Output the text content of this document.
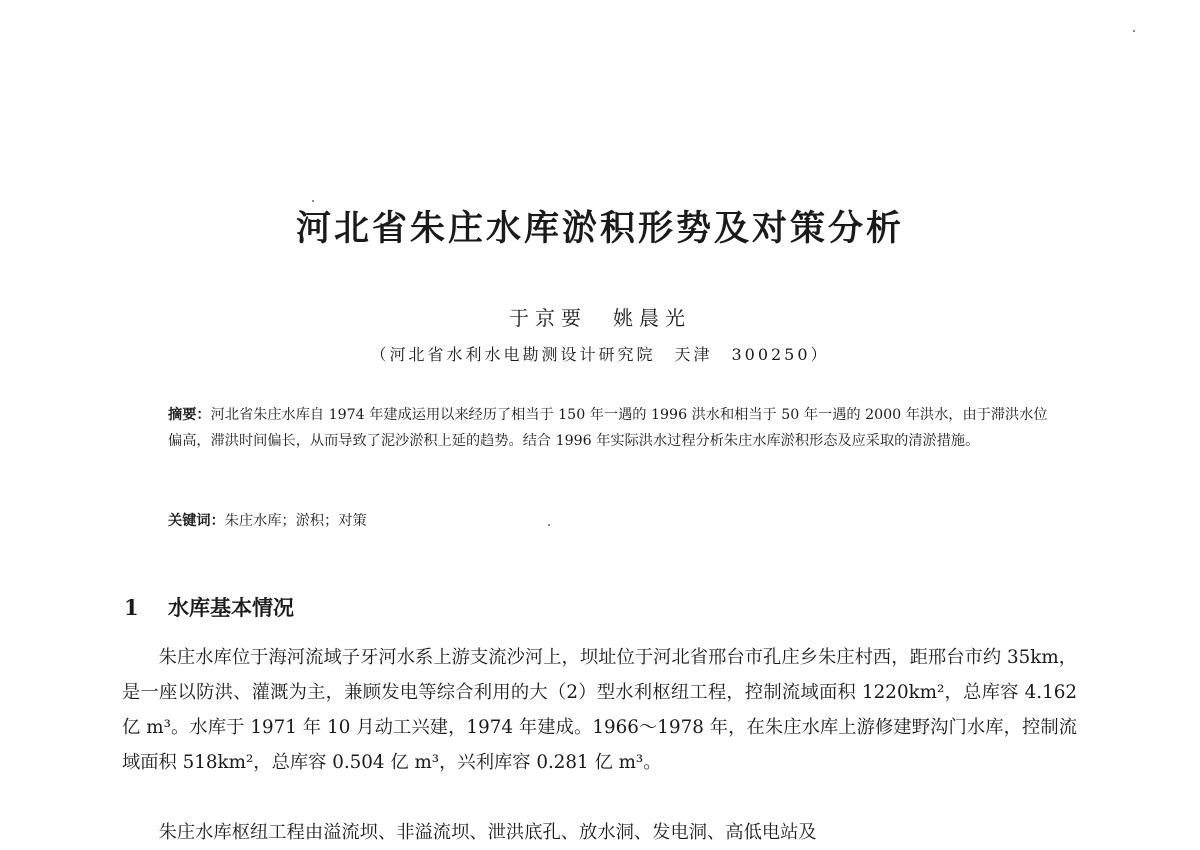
河北省朱庄水库淤积形势及对策分析
于京要　姚晨光
（河北省水利水电勘测设计研究院　天津　300250）

摘要：河北省朱庄水库自 1974 年建成运用以来经历了相当于 150 年一遇的 1996 洪水和相当于 50 年一遇的 2000 年洪水，由于滞洪水位偏高，滞洪时间偏长，从而导致了泥沙淤积上延的趋势。结合 1996 年实际洪水过程分析朱庄水库淤积形态及应采取的清淤措施。

关键词：朱庄水库；淤积；对策

1 水库基本情况

朱庄水库位于海河流域子牙河水系上游支流沙河上，坝址位于河北省邢台市孔庄乡朱庄村西，距邢台市约 35km，是一座以防洪、灌溉为主，兼顾发电等综合利用的大（2）型水利枢纽工程，控制流域面积 1220km²，总库容 4.162 亿 m³。水库于 1971 年 10 月动工兴建，1974 年建成。1966～1978 年，在朱庄水库上游修建野沟门水库，控制流域面积 518km²，总库容 0.504 亿 m³，兴利库容 0.281 亿 m³。

朱庄水库枢纽工程由溢流坝、非溢流坝、泄洪底孔、放水洞、发电洞、高低电站及
